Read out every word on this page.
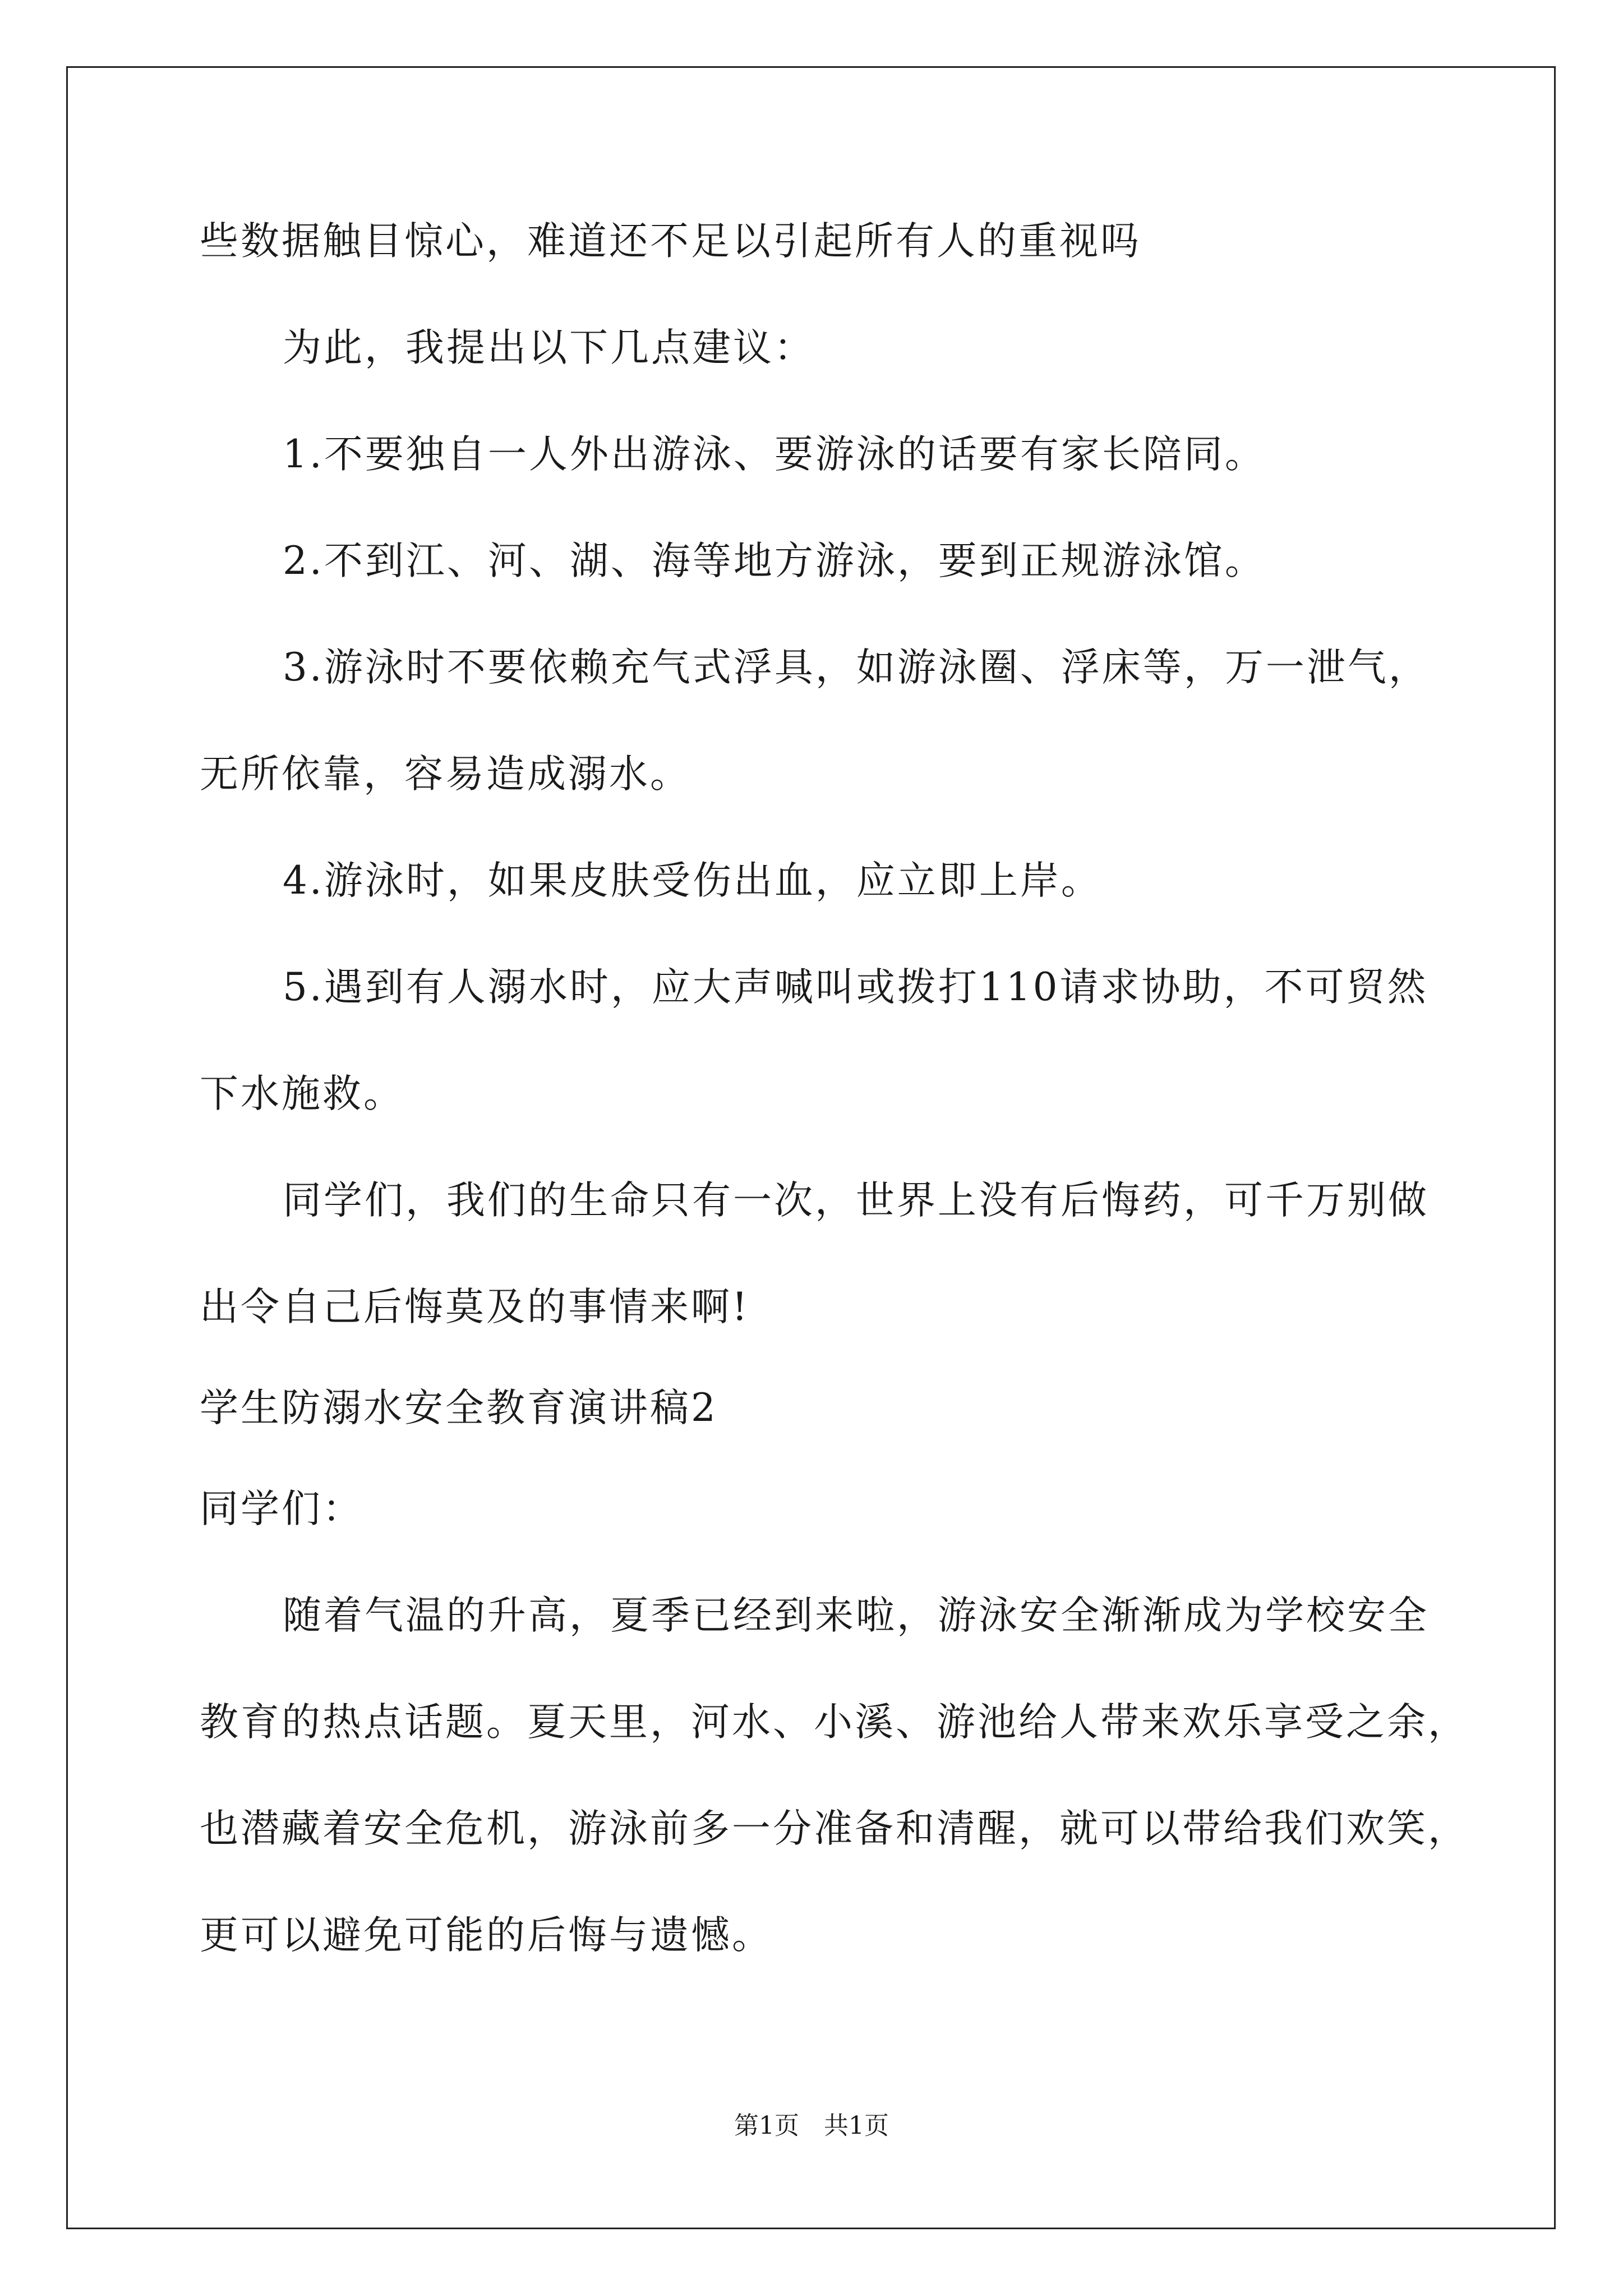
些数据触目惊心，难道还不足以引起所有人的重视吗
为此，我提出以下几点建议：
1.不要独自一人外出游泳、要游泳的话要有家长陪同。
2.不到江、河、湖、海等地方游泳，要到正规游泳馆。
3.游泳时不要依赖充气式浮具，如游泳圈、浮床等，万一泄气，
无所依靠，容易造成溺水。
4.游泳时，如果皮肤受伤出血，应立即上岸。
5.遇到有人溺水时，应大声喊叫或拨打110请求协助，不可贸然
下水施救。
同学们，我们的生命只有一次，世界上没有后悔药，可千万别做
出令自己后悔莫及的事情来啊!
学生防溺水安全教育演讲稿2
同学们：
随着气温的升高，夏季已经到来啦，游泳安全渐渐成为学校安全
教育的热点话题。夏天里，河水、小溪、游池给人带来欢乐享受之余，
也潜藏着安全危机，游泳前多一分准备和清醒，就可以带给我们欢笑，
更可以避免可能的后悔与遗憾。
第1页　共1页
